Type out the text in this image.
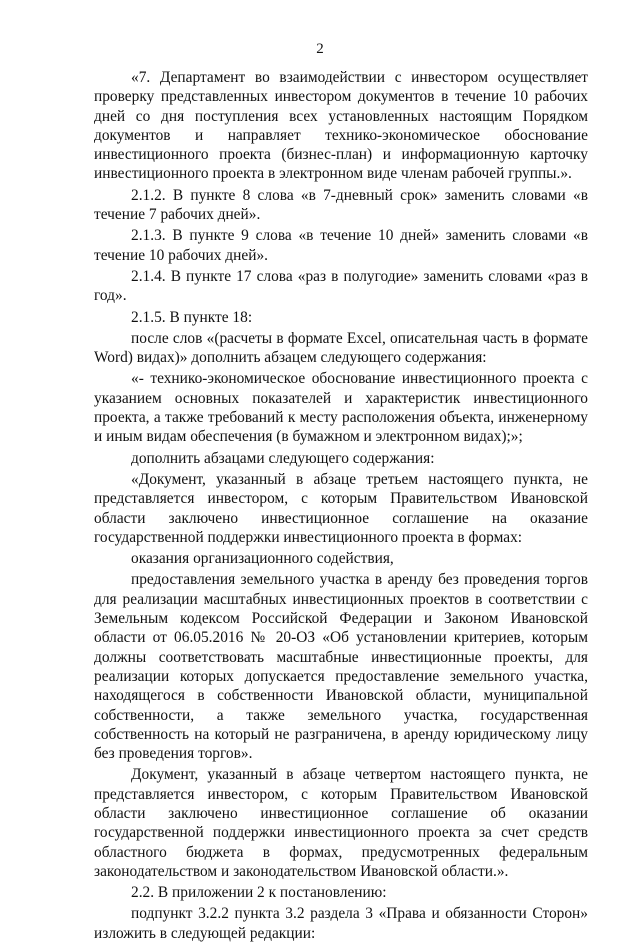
2

«7. Департамент во взаимодействии с инвестором осуществляет проверку представленных инвестором документов в течение 10 рабочих дней со дня поступления всех установленных настоящим Порядком документов и направляет технико-экономическое обоснование инвестиционного проекта (бизнес-план) и информационную карточку инвестиционного проекта в электронном виде членам рабочей группы.».

2.1.2. В пункте 8 слова «в 7-дневный срок» заменить словами «в течение 7 рабочих дней».

2.1.3. В пункте 9 слова «в течение 10 дней» заменить словами «в течение 10 рабочих дней».

2.1.4. В пункте 17 слова «раз в полугодие» заменить словами «раз в год».

2.1.5. В пункте 18:

после слов «(расчеты в формате Excel, описательная часть в формате Word) видах)» дополнить абзацем следующего содержания:

«- технико-экономическое обоснование инвестиционного проекта с указанием основных показателей и характеристик инвестиционного проекта, а также требований к месту расположения объекта, инженерному и иным видам обеспечения (в бумажном и электронном видах);»;

дополнить абзацами следующего содержания:

«Документ, указанный в абзаце третьем настоящего пункта, не представляется инвестором, с которым Правительством Ивановской области заключено инвестиционное соглашение на оказание государственной поддержки инвестиционного проекта в формах:

оказания организационного содействия,

предоставления земельного участка в аренду без проведения торгов для реализации масштабных инвестиционных проектов в соответствии с Земельным кодексом Российской Федерации и Законом Ивановской области от 06.05.2016 № 20-ОЗ «Об установлении критериев, которым должны соответствовать масштабные инвестиционные проекты, для реализации которых допускается предоставление земельного участка, находящегося в собственности Ивановской области, муниципальной собственности, а также земельного участка, государственная собственность на который не разграничена, в аренду юридическому лицу без проведения торгов».

Документ, указанный в абзаце четвертом настоящего пункта, не представляется инвестором, с которым Правительством Ивановской области заключено инвестиционное соглашение об оказании государственной поддержки инвестиционного проекта за счет средств областного бюджета в формах, предусмотренных федеральным законодательством и законодательством Ивановской области.».

2.2. В приложении 2 к постановлению:

подпункт 3.2.2 пункта 3.2 раздела 3 «Права и обязанности Сторон» изложить в следующей редакции:
